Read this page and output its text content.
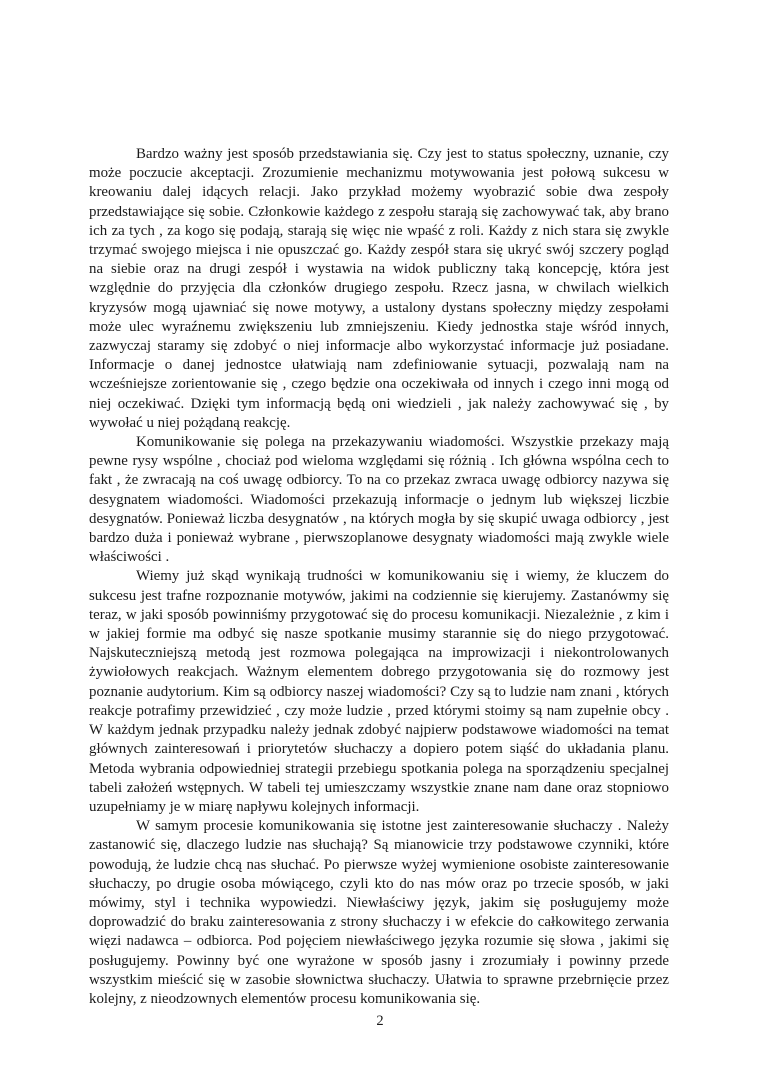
Bardzo ważny jest sposób przedstawiania się. Czy jest to status społeczny, uznanie, czy może poczucie akceptacji. Zrozumienie mechanizmu motywowania jest połową sukcesu w kreowaniu dalej idących relacji. Jako przykład możemy wyobrazić sobie dwa zespoły przedstawiające się sobie. Członkowie każdego z zespołu starają się zachowywać tak, aby brano ich za tych , za kogo się podają, starają się więc nie wpaść z roli. Każdy z nich stara się zwykle trzymać swojego miejsca i nie opuszczać go. Każdy zespół stara się ukryć swój szczery pogląd na siebie oraz na drugi zespół i wystawia na widok publiczny taką koncepcję, która jest względnie do przyjęcia dla członków drugiego zespołu. Rzecz jasna, w chwilach wielkich kryzysów mogą ujawniać się nowe motywy, a ustalony dystans społeczny między zespołami może ulec wyraźnemu zwiększeniu lub zmniejszeniu. Kiedy jednostka staje wśród innych, zazwyczaj staramy się zdobyć o niej informacje albo wykorzystać informacje już posiadane. Informacje o danej jednostce ułatwiają nam zdefiniowanie sytuacji, pozwalają nam na wcześniejsze zorientowanie się , czego będzie ona oczekiwała od innych i czego inni mogą od niej oczekiwać. Dzięki tym informacją będą oni wiedzieli , jak należy zachowywać się , by wywołać u niej pożądaną reakcję.

Komunikowanie się polega na przekazywaniu wiadomości. Wszystkie przekazy mają pewne rysy wspólne , chociaż pod wieloma względami się różnią . Ich główna wspólna cech to fakt , że zwracają na coś uwagę odbiorcy. To na co przekaz zwraca uwagę odbiorcy nazywa się desygnatem wiadomości. Wiadomości przekazują informacje o jednym lub większej liczbie desygnatów. Ponieważ liczba desygnatów , na których mogła by się skupić uwaga odbiorcy , jest bardzo duża i ponieważ wybrane , pierwszoplanowe desygnaty wiadomości mają zwykle wiele właściwości .

Wiemy już skąd wynikają trudności w komunikowaniu się i wiemy, że kluczem do sukcesu jest trafne rozpoznanie motywów, jakimi na codziennie się kierujemy. Zastanówmy się teraz, w jaki sposób powinniśmy przygotować się do procesu komunikacji. Niezależnie , z kim i w jakiej formie ma odbyć się nasze spotkanie musimy starannie się do niego przygotować. Najskuteczniejszą metodą jest rozmowa polegająca na improwizacji i niekontrolowanych żywiołowych reakcjach. Ważnym elementem dobrego przygotowania się do rozmowy jest poznanie audytorium. Kim są odbiorcy naszej wiadomości? Czy są to ludzie nam znani , których reakcje potrafimy przewidzieć , czy może ludzie , przed którymi stoimy są nam zupełnie obcy . W każdym jednak przypadku należy jednak zdobyć najpierw podstawowe wiadomości na temat głównych zainteresowań i priorytetów słuchaczy a dopiero potem siąść do układania planu. Metoda wybrania odpowiedniej strategii przebiegu spotkania polega na sporządzeniu specjalnej tabeli założeń wstępnych. W tabeli tej umieszczamy wszystkie znane nam dane oraz stopniowo uzupełniamy je w miarę napływu kolejnych informacji.

W samym procesie komunikowania się istotne jest zainteresowanie słuchaczy . Należy zastanowić się, dlaczego ludzie nas słuchają? Są mianowicie trzy podstawowe czynniki, które powodują, że ludzie chcą nas słuchać. Po pierwsze wyżej wymienione osobiste zainteresowanie słuchaczy, po drugie osoba mówiącego, czyli kto do nas mów oraz po trzecie sposób, w jaki mówimy, styl i technika wypowiedzi. Niewłaściwy język, jakim się posługujemy może doprowadzić do braku zainteresowania z strony słuchaczy i w efekcie do całkowitego zerwania więzi nadawca – odbiorca. Pod pojęciem niewłaściwego języka rozumie się słowa , jakimi się posługujemy. Powinny być one wyrażone w sposób jasny i zrozumiały i powinny przede wszystkim mieścić się w zasobie słownictwa słuchaczy. Ułatwia to sprawne przebrnięcie przez kolejny, z nieodzownych elementów procesu komunikowania się.

2
